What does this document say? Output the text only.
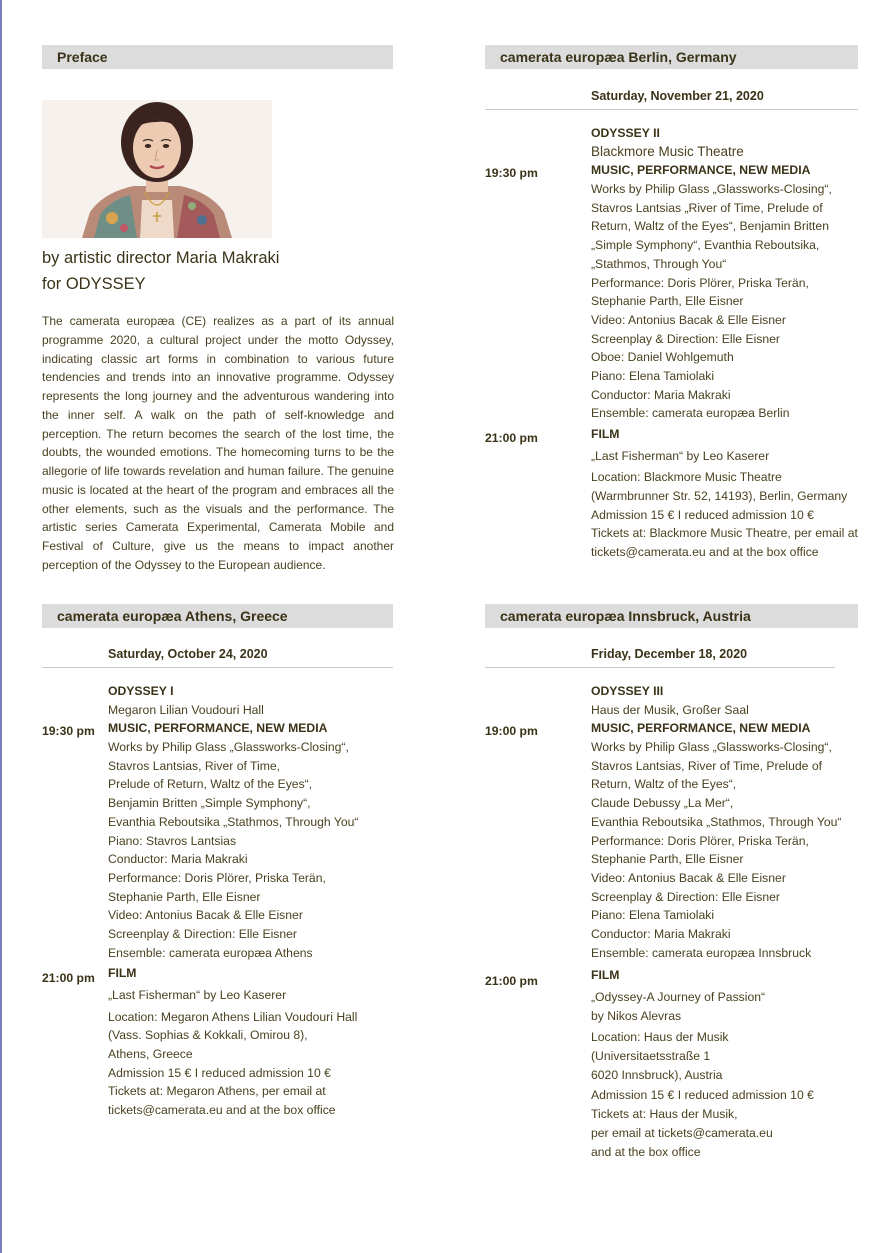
Preface
by artistic director Maria Makraki
for ODYSSEY
The camerata europæa (CE) realizes as a part of its annual programme 2020, a cultural project under the motto Odyssey, indicating classic art forms in combination to various future tendencies and trends into an innovative programme. Odyssey represents the long journey and the adventurous wandering into the inner self. A walk on the path of self-knowledge and perception. The return becomes the search of the lost time, the doubts, the wounded emotions. The homecoming turns to be the allegorie of life towards revelation and human failure. The genuine music is located at the heart of the program and embraces all the other elements, such as the visuals and the performance. The artistic series Camerata Experimental, Camerata Mobile and Festival of Culture, give us the means to impact another perception of the Odyssey to the European audience.
camerata europæa Berlin, Germany
Saturday, November 21, 2020
ODYSSEY II
Blackmore Music Theatre
MUSIC, PERFORMANCE, NEW MEDIA
Works by Philip Glass „Glassworks-Closing“,
Stavros Lantsias „River of Time, Prelude of
Return, Waltz of the Eyes“, Benjamin Britten
„Simple Symphony“, Evanthia Reboutsika,
„Stathmos, Through You“
Performance: Doris Plörer, Priska Terän,
Stephanie Parth, Elle Eisner
Video: Antonius Bacak & Elle Eisner
Screenplay & Direction: Elle Eisner
Oboe: Daniel Wohlgemuth
Piano: Elena Tamiolaki
Conductor: Maria Makraki
Ensemble: camerata europæa Berlin
FILM
„Last Fisherman“ by Leo Kaserer
Location: Blackmore Music Theatre
(Warmbrunner Str. 52, 14193), Berlin, Germany
Admission 15 € I reduced admission 10 €
Tickets at: Blackmore Music Theatre, per email at
tickets@camerata.eu and at the box office
19:30 pm
21:00 pm
camerata europæa Athens, Greece
Saturday, October 24, 2020
ODYSSEY I
Megaron Lilian Voudouri Hall
MUSIC, PERFORMANCE, NEW MEDIA
Works by Philip Glass „Glassworks-Closing“,
Stavros Lantsias, River of Time,
Prelude of Return, Waltz of the Eyes“,
Benjamin Britten „Simple Symphony“,
Evanthia Reboutsika „Stathmos, Through You“
Piano: Stavros Lantsias
Conductor: Maria Makraki
Performance: Doris Plörer, Priska Terän,
Stephanie Parth, Elle Eisner
Video: Antonius Bacak & Elle Eisner
Screenplay & Direction: Elle Eisner
Ensemble: camerata europæa Athens
FILM
„Last Fisherman“ by Leo Kaserer
Location: Megaron Athens Lilian Voudouri Hall
(Vass. Sophias & Kokkali, Omirou 8),
Athens, Greece
Admission 15 € I reduced admission 10 €
Tickets at: Megaron Athens, per email at
tickets@camerata.eu and at the box office
19:30 pm
21:00 pm
camerata europæa Innsbruck, Austria
Friday, December 18, 2020
ODYSSEY III
Haus der Musik, Großer Saal
MUSIC, PERFORMANCE, NEW MEDIA
Works by Philip Glass „Glassworks-Closing“,
Stavros Lantsias, River of Time, Prelude of
Return, Waltz of the Eyes“,
Claude Debussy „La Mer“,
Evanthia Reboutsika „Stathmos, Through You“
Performance: Doris Plörer, Priska Terän,
Stephanie Parth, Elle Eisner
Video: Antonius Bacak & Elle Eisner
Screenplay & Direction: Elle Eisner
Piano: Elena Tamiolaki
Conductor: Maria Makraki
Ensemble: camerata europæa Innsbruck
FILM
„Odyssey-A Journey of Passion“
by Nikos Alevras
Location: Haus der Musik
(Universitaetsstraße 1
6020 Innsbruck), Austria
Admission 15 € I reduced admission 10 €
Tickets at: Haus der Musik,
per email at tickets@camerata.eu
and at the box office
19:00 pm
21:00 pm
